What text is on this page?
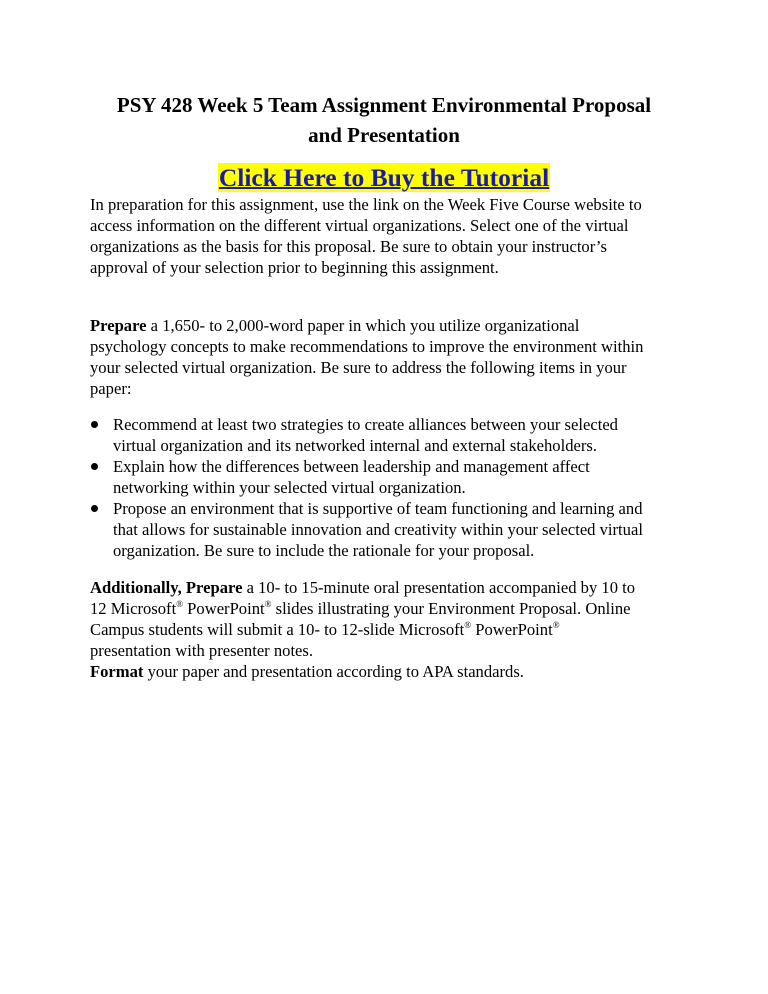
PSY 428 Week 5 Team Assignment Environmental Proposal
and Presentation
Click Here to Buy the Tutorial
In preparation for this assignment, use the link on the Week Five Course website to
access information on the different virtual organizations. Select one of the virtual
organizations as the basis for this proposal. Be sure to obtain your instructor’s
approval of your selection prior to beginning this assignment.
Prepare a 1,650- to 2,000-word paper in which you utilize organizational
psychology concepts to make recommendations to improve the environment within
your selected virtual organization. Be sure to address the following items in your
paper:
Recommend at least two strategies to create alliances between your selected
virtual organization and its networked internal and external stakeholders.
Explain how the differences between leadership and management affect
networking within your selected virtual organization.
Propose an environment that is supportive of team functioning and learning and
that allows for sustainable innovation and creativity within your selected virtual
organization. Be sure to include the rationale for your proposal.
Additionally, Prepare a 10- to 15-minute oral presentation accompanied by 10 to
12 Microsoft® PowerPoint® slides illustrating your Environment Proposal. Online
Campus students will submit a 10- to 12-slide Microsoft® PowerPoint®
presentation with presenter notes.
Format your paper and presentation according to APA standards.
